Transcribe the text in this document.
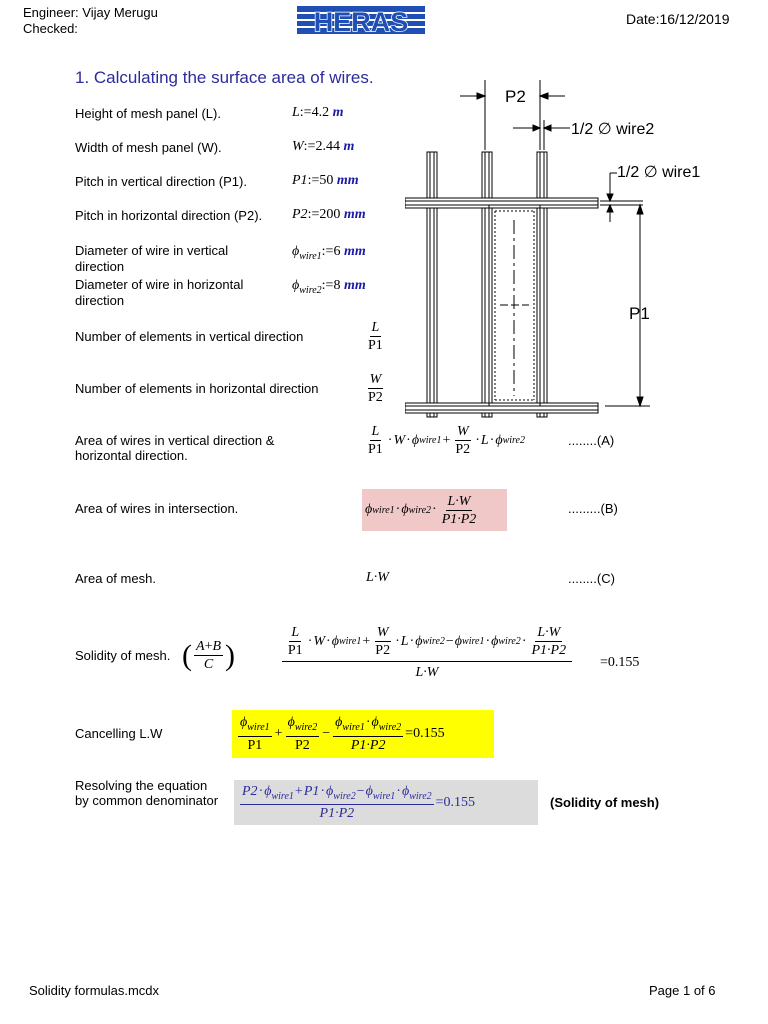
Engineer: Vijay Merugu
Checked:	HERAS	Date:16/12/2019
1. Calculating the surface area of wires.
Height of mesh panel (L).	L:=4.2 m
Width of mesh panel (W).	W:=2.44 m
Pitch in vertical direction (P1).	P1:=50 mm
Pitch in horizontal direction (P2). P2:=200 mm
Diameter of wire in vertical
direction
$\phi_{wire1}:=6$ mm
Diameter of wire in horizontal
direction
$\phi_{wire2}:=8$ mm
Number of elements in vertical direction	$\frac{L}{P1}$
Number of elements in horizontal direction	$\frac{W}{P2}$
Area of wires in vertical direction &
horizontal direction.	$\frac{L}{P1} \cdot W \cdot \phi$ wire1 + $\frac{W}{P2} \cdot L \cdot \phi$ wire2	........(A)
Area of wires in intersection.	ϕ wire1 · ϕ wire2 · $\frac{L\cdot W}{P1\cdot P2}$	.........(B)
Area of mesh.	L·W	........(C)
Solidity of mesh. ( $\frac{A+B}{C}$ )	$\frac{L}{P1} \cdot W \cdot \phi$ wire1 + $\frac{W}{P2} \cdot L \cdot \phi$ wire2 − ϕ wire1 · ϕ wire2 · $\frac{L\cdot W}{P1\cdot P2}$
L·W
=0.155
Cancelling L.W	$\frac{\phi_{wire1}}{P1} + \frac{\phi_{wire2}}{P2} - \frac{\phi_{wire1}\cdot\phi_{wire2}}{P1\cdot P2} =0.155$
Resolving the equation
by common denominator $\frac{P2\cdot\phi_{wire1}+P1\cdot\phi_{wire2}-\phi_{wire1}\cdot\phi_{wire2}}{P1\cdot P2} =0.155$	(Solidity of mesh)
P2
1/2 ∅ wire2
1/2 ∅ wire1
P1
Solidity formulas.mcdx	Page 1 of 6
